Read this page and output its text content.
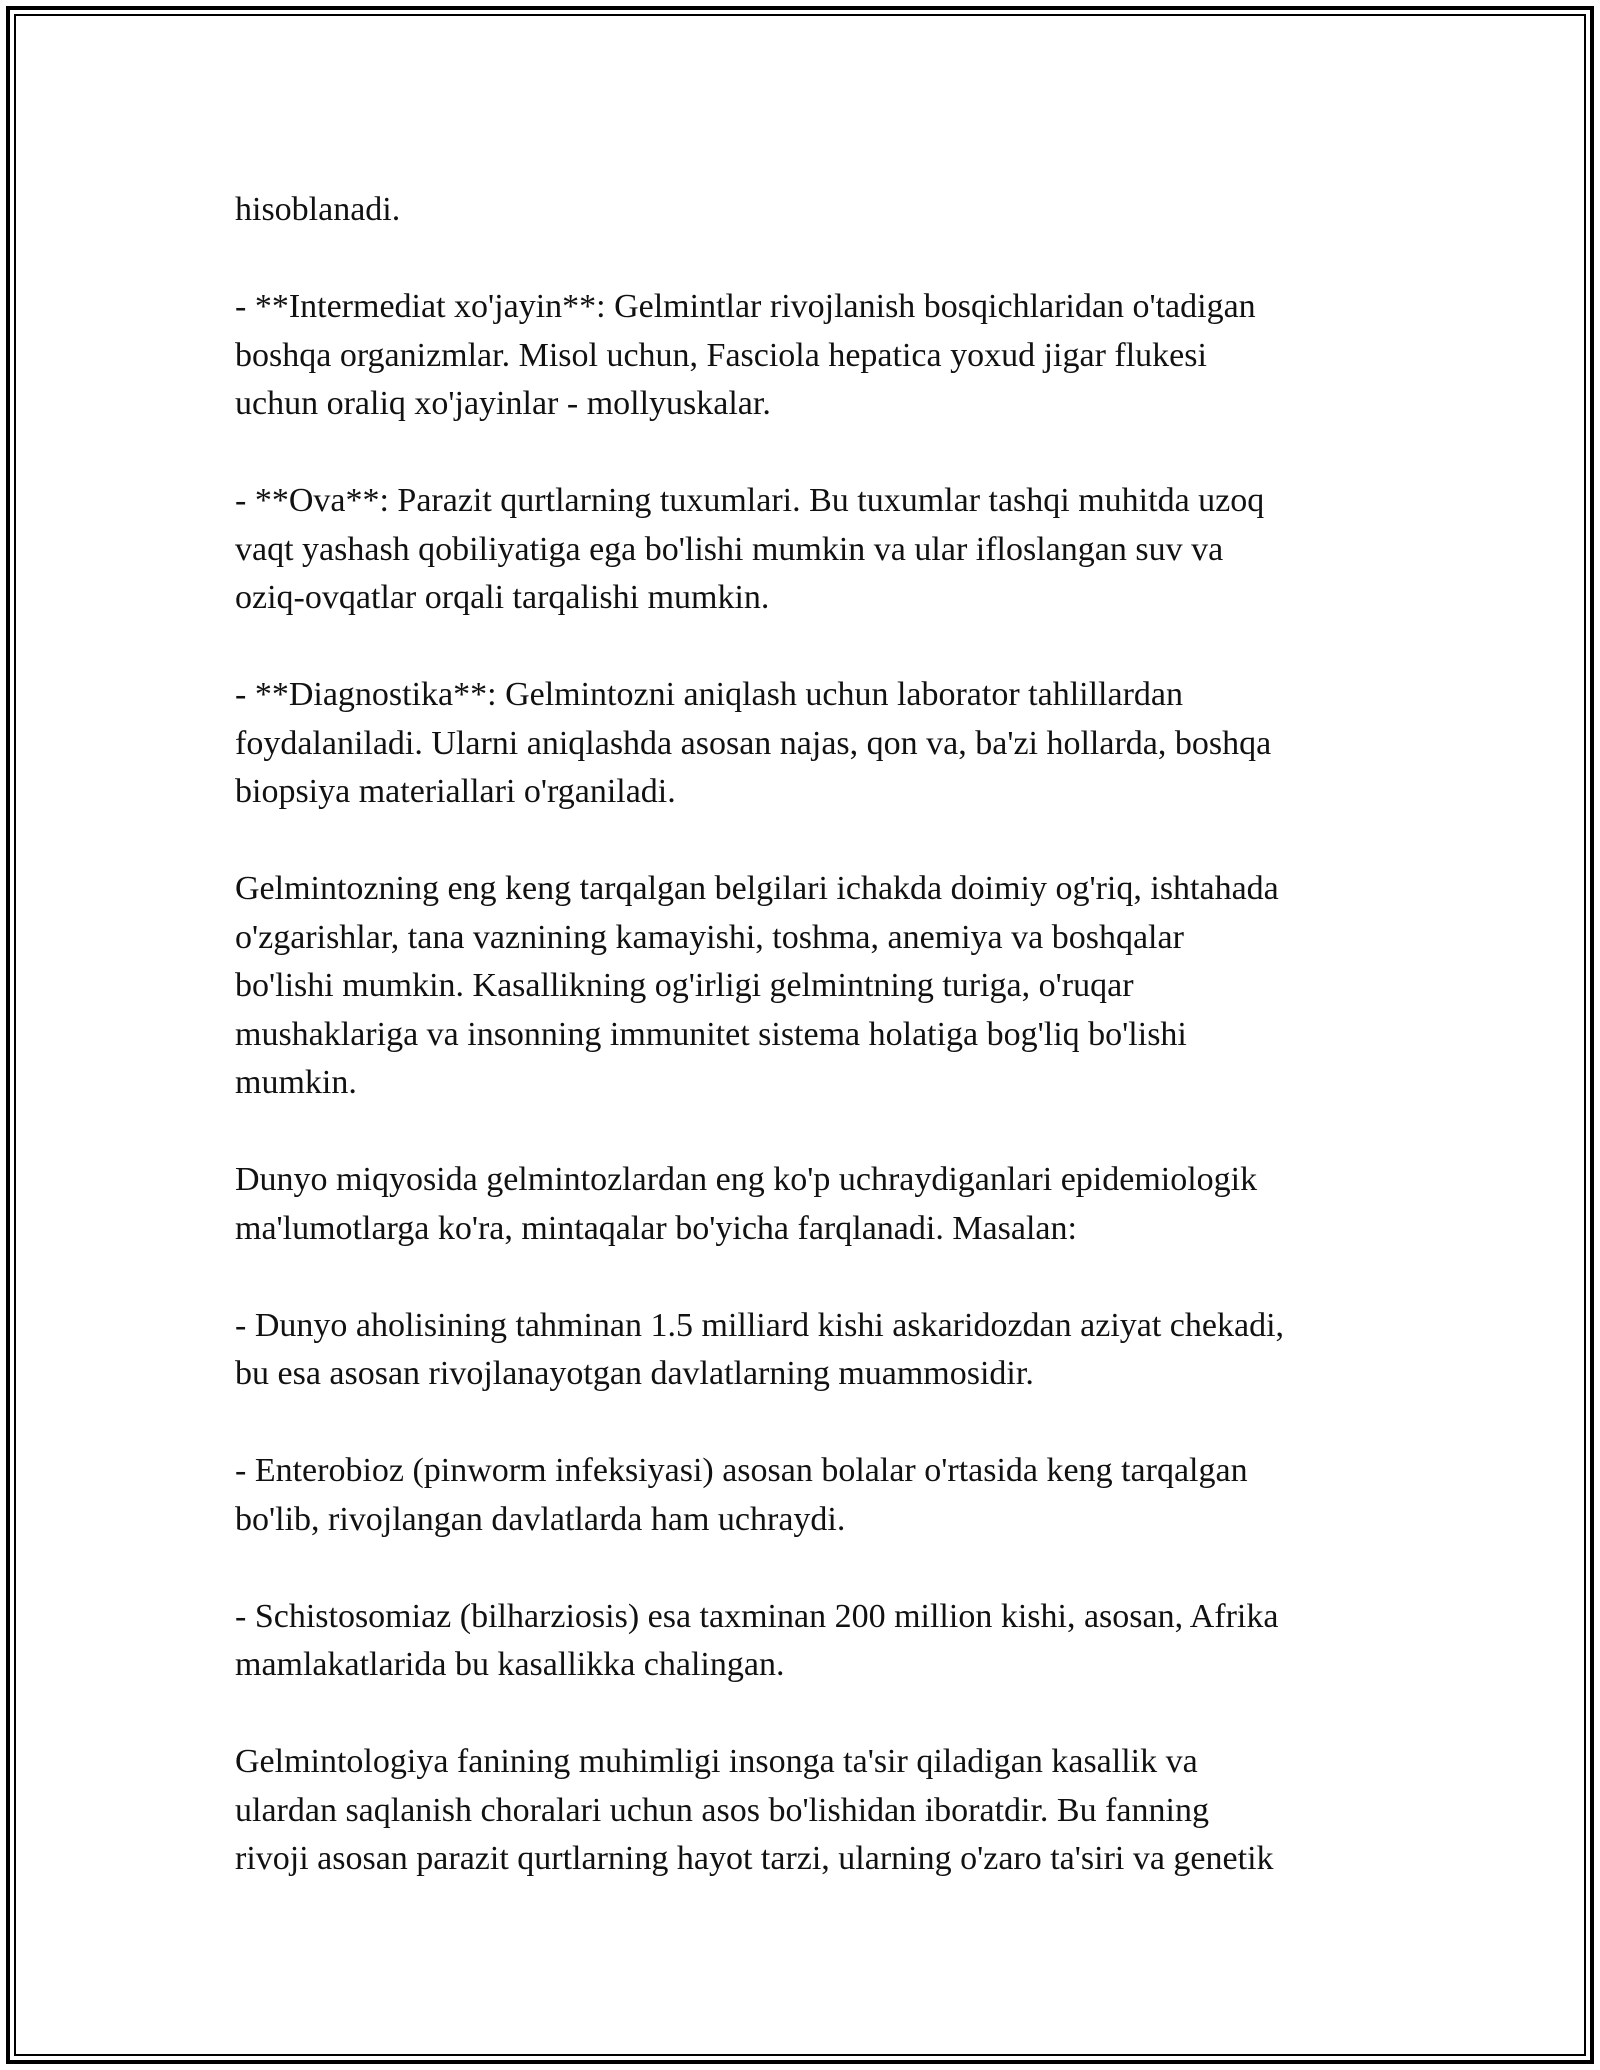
hisoblanadi.

- **Intermediat xo'jayin**: Gelmintlar rivojlanish bosqichlaridan o'tadigan
boshqa organizmlar. Misol uchun, Fasciola hepatica yoxud jigar flukesi
uchun oraliq xo'jayinlar - mollyuskalar.

- **Ova**: Parazit qurtlarning tuxumlari. Bu tuxumlar tashqi muhitda uzoq
vaqt yashash qobiliyatiga ega bo'lishi mumkin va ular ifloslangan suv va
oziq-ovqatlar orqali tarqalishi mumkin.

- **Diagnostika**: Gelmintozni aniqlash uchun laborator tahlillardan
foydalaniladi. Ularni aniqlashda asosan najas, qon va, ba'zi hollarda, boshqa
biopsiya materiallari o'rganiladi.

Gelmintozning eng keng tarqalgan belgilari ichakda doimiy og'riq, ishtahada
o'zgarishlar, tana vaznining kamayishi, toshma, anemiya va boshqalar
bo'lishi mumkin. Kasallikning og'irligi gelmintning turiga, o'ruqar
mushaklariga va insonning immunitet sistema holatiga bog'liq bo'lishi
mumkin.

Dunyo miqyosida gelmintozlardan eng ko'p uchraydiganlari epidemiologik
ma'lumotlarga ko'ra, mintaqalar bo'yicha farqlanadi. Masalan:

- Dunyo aholisining tahminan 1.5 milliard kishi askaridozdan aziyat chekadi,
bu esa asosan rivojlanayotgan davlatlarning muammosidir.

- Enterobioz (pinworm infeksiyasi) asosan bolalar o'rtasida keng tarqalgan
bo'lib, rivojlangan davlatlarda ham uchraydi.

- Schistosomiaz (bilharziosis) esa taxminan 200 million kishi, asosan, Afrika
mamlakatlarida bu kasallikka chalingan.

Gelmintologiya fanining muhimligi insonga ta'sir qiladigan kasallik va
ulardan saqlanish choralari uchun asos bo'lishidan iboratdir. Bu fanning
rivoji asosan parazit qurtlarning hayot tarzi, ularning o'zaro ta'siri va genetik
